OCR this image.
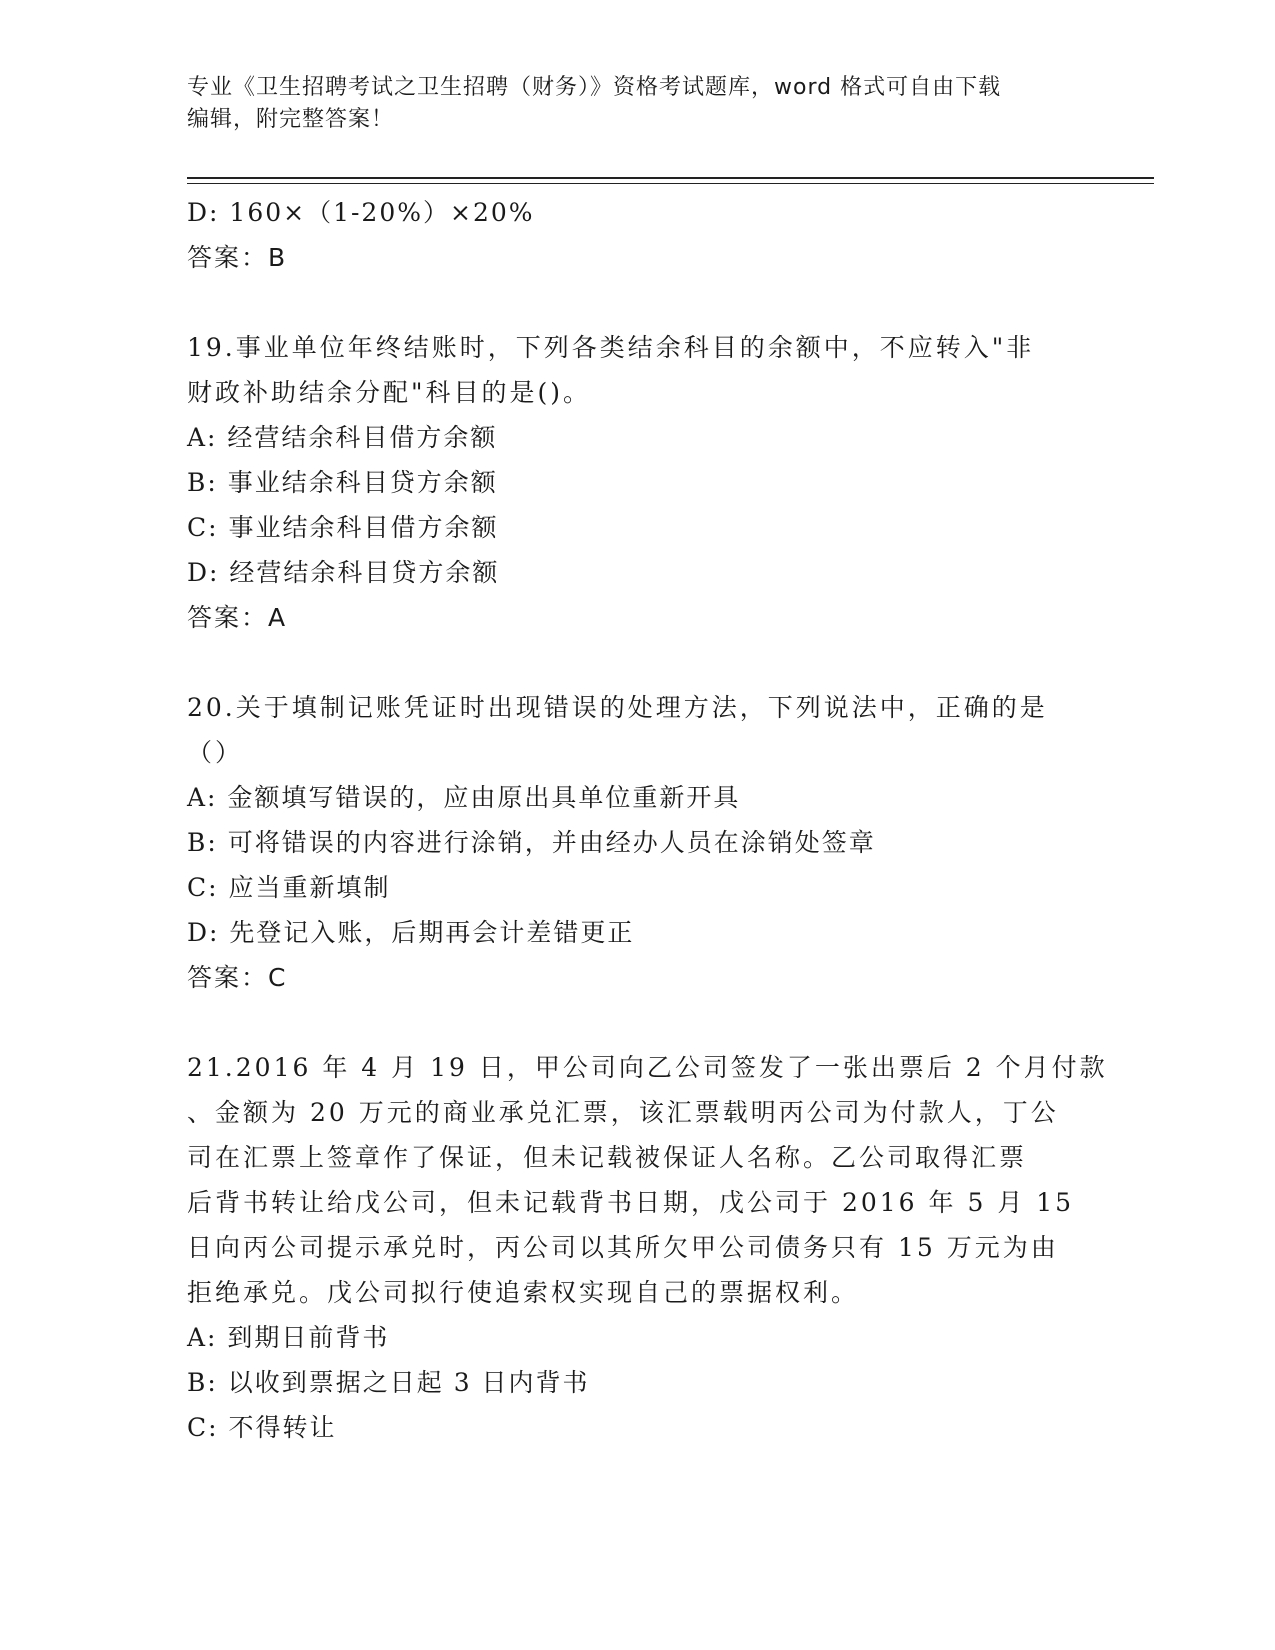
专业《卫生招聘考试之卫生招聘（财务）》资格考试题库，word 格式可自由下载
编辑，附完整答案！
D: 160×（1-20%）×20%
答案：B
19.事业单位年终结账时，下列各类结余科目的余额中，不应转入"非
财政补助结余分配"科目的是()。
A: 经营结余科目借方余额
B: 事业结余科目贷方余额
C: 事业结余科目借方余额
D: 经营结余科目贷方余额
答案：A
20.关于填制记账凭证时出现错误的处理方法，下列说法中，正确的是
（）
A: 金额填写错误的，应由原出具单位重新开具
B: 可将错误的内容进行涂销，并由经办人员在涂销处签章
C: 应当重新填制
D: 先登记入账，后期再会计差错更正
答案：C
21.2016 年 4 月 19 日，甲公司向乙公司签发了一张出票后 2 个月付款
、金额为 20 万元的商业承兑汇票，该汇票载明丙公司为付款人，丁公
司在汇票上签章作了保证，但未记载被保证人名称。乙公司取得汇票
后背书转让给戊公司，但未记载背书日期，戊公司于 2016 年 5 月 15
日向丙公司提示承兑时，丙公司以其所欠甲公司债务只有 15 万元为由
拒绝承兑。戊公司拟行使追索权实现自己的票据权利。
A: 到期日前背书
B: 以收到票据之日起 3 日内背书
C: 不得转让
